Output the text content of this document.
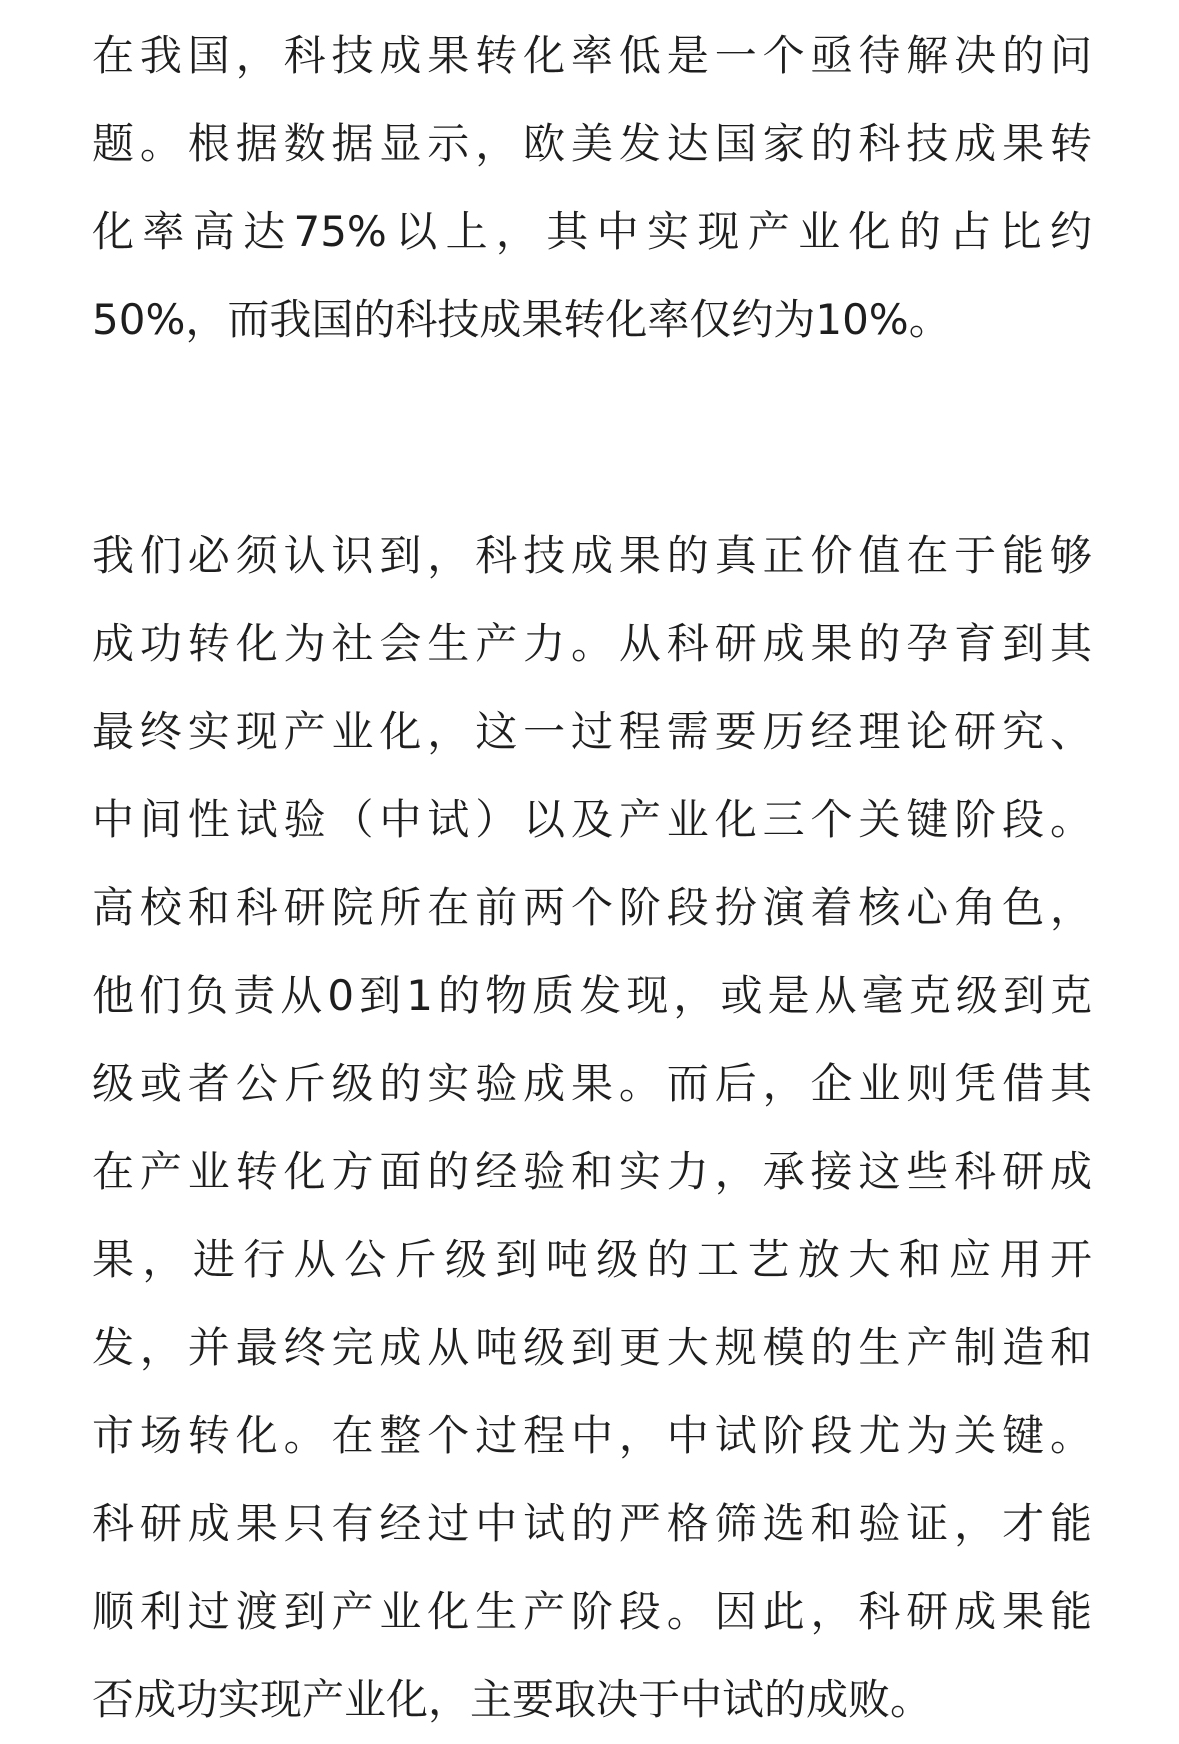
在我国，科技成果转化率低是一个亟待解决的问
题。根据数据显示，欧美发达国家的科技成果转
化率高达75%以上，其中实现产业化的占比约
50%，而我国的科技成果转化率仅约为10%。
我们必须认识到，科技成果的真正价值在于能够
成功转化为社会生产力。从科研成果的孕育到其
最终实现产业化，这一过程需要历经理论研究、
中间性试验（中试）以及产业化三个关键阶段。
高校和科研院所在前两个阶段扮演着核心角色，
他们负责从0到1的物质发现，或是从毫克级到克
级或者公斤级的实验成果。而后，企业则凭借其
在产业转化方面的经验和实力，承接这些科研成
果，进行从公斤级到吨级的工艺放大和应用开
发，并最终完成从吨级到更大规模的生产制造和
市场转化。在整个过程中，中试阶段尤为关键。
科研成果只有经过中试的严格筛选和验证，才能
顺利过渡到产业化生产阶段。因此，科研成果能
否成功实现产业化，主要取决于中试的成败。
